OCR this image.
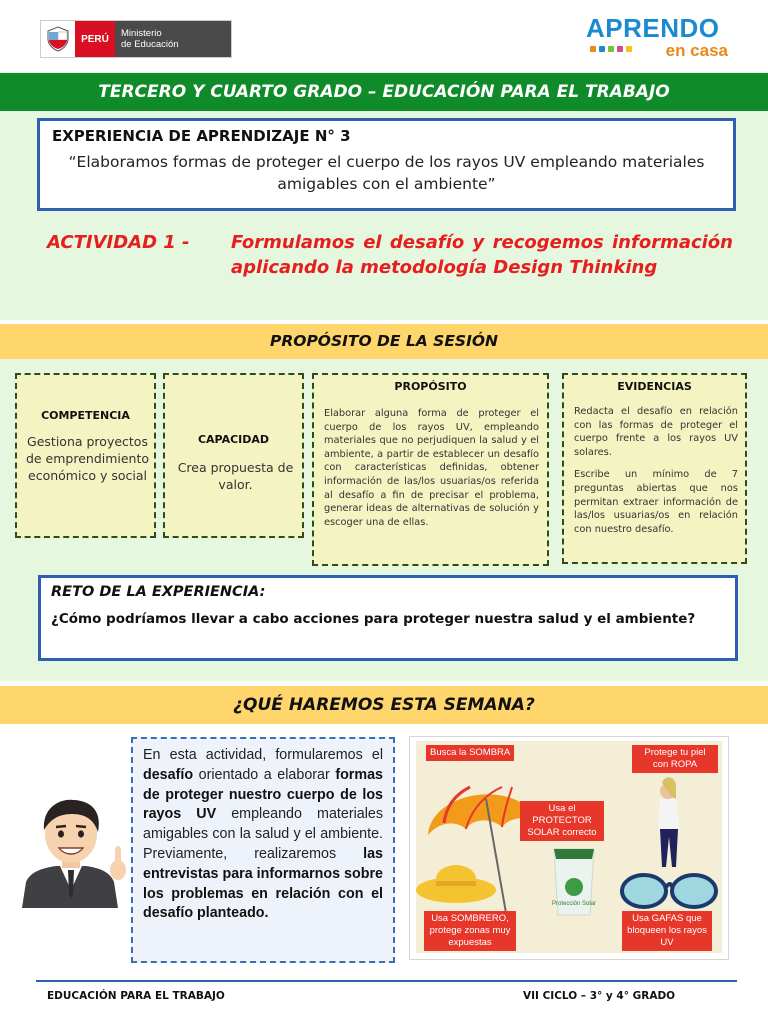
PERÚ	Ministerio
de Educación
APRENDO
en casa
TERCERO Y CUARTO GRADO – EDUCACIÓN PARA EL TRABAJO
EXPERIENCIA DE APRENDIZAJE N° 3
“Elaboramos formas de proteger el cuerpo de los rayos UV empleando materiales amigables con el ambiente”
ACTIVIDAD 1 -	Formulamos el desafío y recogemos información aplicando la metodología Design Thinking
PROPÓSITO DE LA SESIÓN
COMPETENCIA
Gestiona proyectos de emprendimiento económico y social
CAPACIDAD
Crea propuesta de valor.
PROPÓSITO
Elaborar alguna forma de proteger el cuerpo de los rayos UV, empleando materiales que no perjudiquen la salud y el ambiente, a partir de establecer un desafío con características definidas, obtener información de las/los usuarias/os referida al desafío a fin de precisar el problema, generar ideas de alternativas de solución y escoger una de ellas.
EVIDENCIAS

Redacta el desafío en relación con las formas de proteger el cuerpo frente a los rayos UV solares.

Escribe un mínimo de 7 preguntas abiertas que nos permitan extraer información de las/los usuarias/os en relación con nuestro desafío.

RETO DE LA EXPERIENCIA:
¿Cómo podríamos llevar a cabo acciones para proteger nuestra salud y el ambiente?
¿QUÉ HAREMOS ESTA SEMANA?

En esta actividad, formularemos el desafío orientado a elaborar formas de proteger nuestro cuerpo de los rayos UV empleando materiales amigables con la salud y el ambiente. Previamente, realizaremos las entrevistas para informarnos sobre los problemas en relación con el desafío planteado.

Protección Solar
Busca la SOMBRA	Protege tu piel con ROPA
Usa el PROTECTOR SOLAR correcto
Usa SOMBRERO, protege zonas muy expuestas
Usa GAFAS que bloqueen los rayos UV
EDUCACIÓN PARA EL TRABAJO	VII CICLO – 3° y 4° GRADO
